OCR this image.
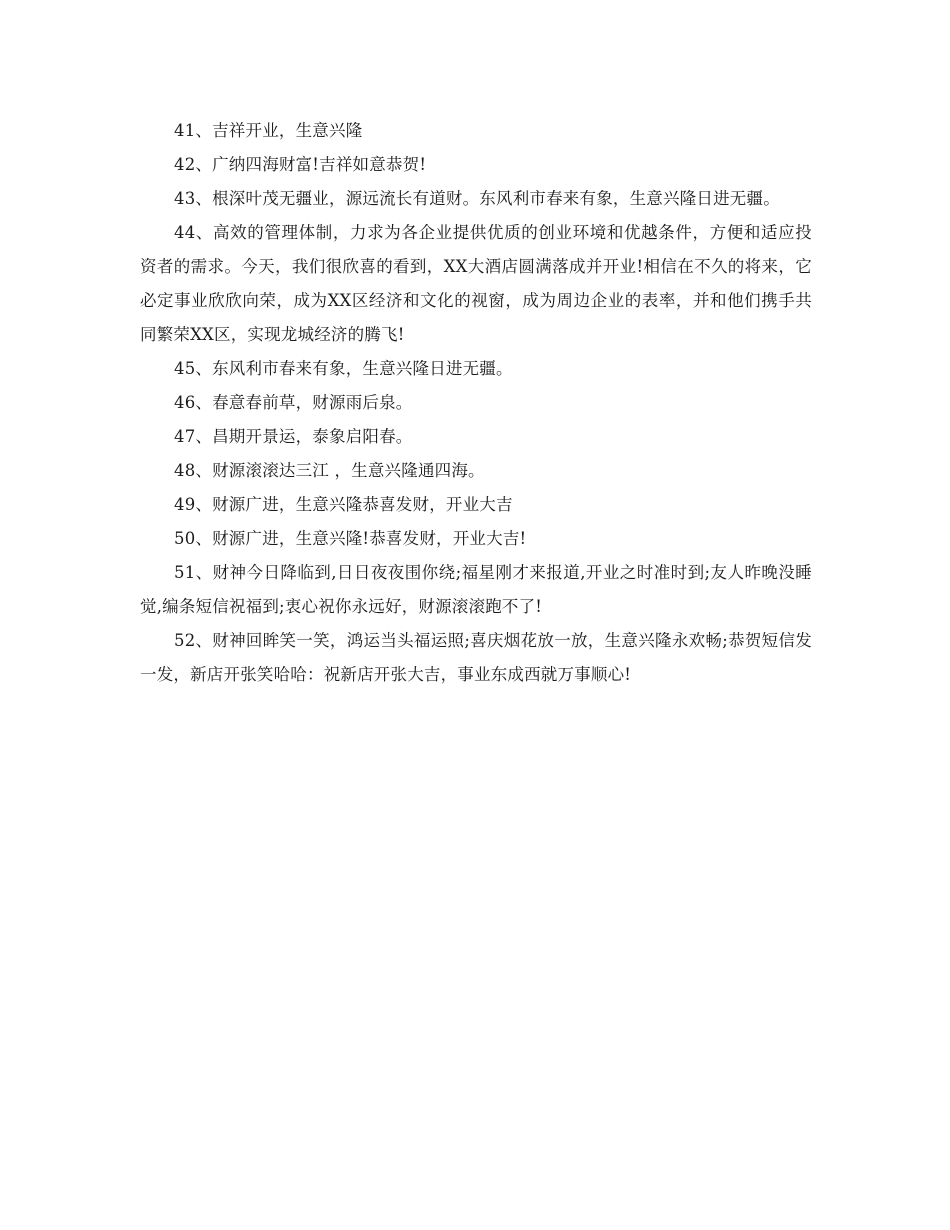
41、吉祥开业，生意兴隆

42、广纳四海财富!吉祥如意恭贺!

43、根深叶茂无疆业，源远流长有道财。东风利市春来有象，生意兴隆日进无疆。

44、高效的管理体制，力求为各企业提供优质的创业环境和优越条件，方便和适应投资者的需求。今天，我们很欣喜的看到，XX大酒店圆满落成并开业!相信在不久的将来，它必定事业欣欣向荣，成为XX区经济和文化的视窗，成为周边企业的表率，并和他们携手共同繁荣XX区，实现龙城经济的腾飞!

45、东风利市春来有象，生意兴隆日进无疆。

46、春意春前草，财源雨后泉。

47、昌期开景运，泰象启阳春。

48、财源滚滚达三江 ，生意兴隆通四海。

49、财源广进，生意兴隆恭喜发财，开业大吉

50、财源广进，生意兴隆!恭喜发财，开业大吉!

51、财神今日降临到,日日夜夜围你绕;福星刚才来报道,开业之时准时到;友人昨晚没睡觉,编条短信祝福到;衷心祝你永远好，财源滚滚跑不了!

52、财神回眸笑一笑，鸿运当头福运照;喜庆烟花放一放，生意兴隆永欢畅;恭贺短信发一发，新店开张笑哈哈：祝新店开张大吉，事业东成西就万事顺心!
